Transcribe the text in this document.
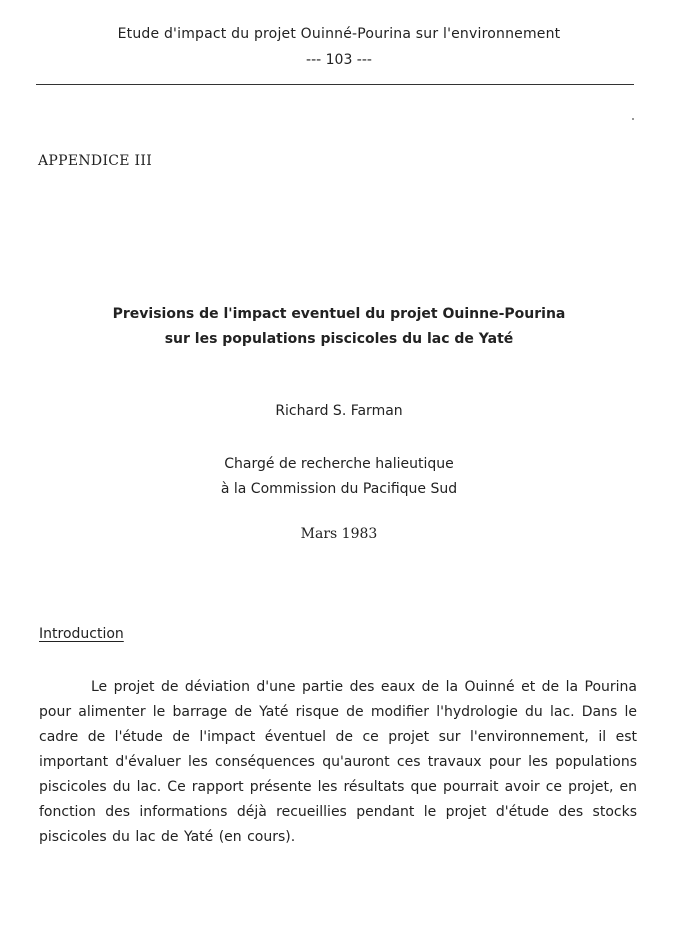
Etude d'impact du projet Ouinné-Pourina sur l'environnement
--- 103 ---
APPENDICE III
Previsions de l'impact eventuel du projet Ouinne-Pourina
sur les populations piscicoles du lac de Yaté
Richard S. Farman
Chargé de recherche halieutique
à la Commission du Pacifique Sud
Mars 1983
Introduction

Le projet de déviation d'une partie des eaux de la Ouinné et de la Pourina pour alimenter le barrage de Yaté risque de modifier l'hydrologie du lac. Dans le cadre de l'étude de l'impact éventuel de ce projet sur l'environnement, il est important d'évaluer les conséquences qu'auront ces travaux pour les populations piscicoles du lac. Ce rapport présente les résultats que pourrait avoir ce projet, en fonction des informations déjà recueillies pendant le projet d'étude des stocks piscicoles du lac de Yaté (en cours).
